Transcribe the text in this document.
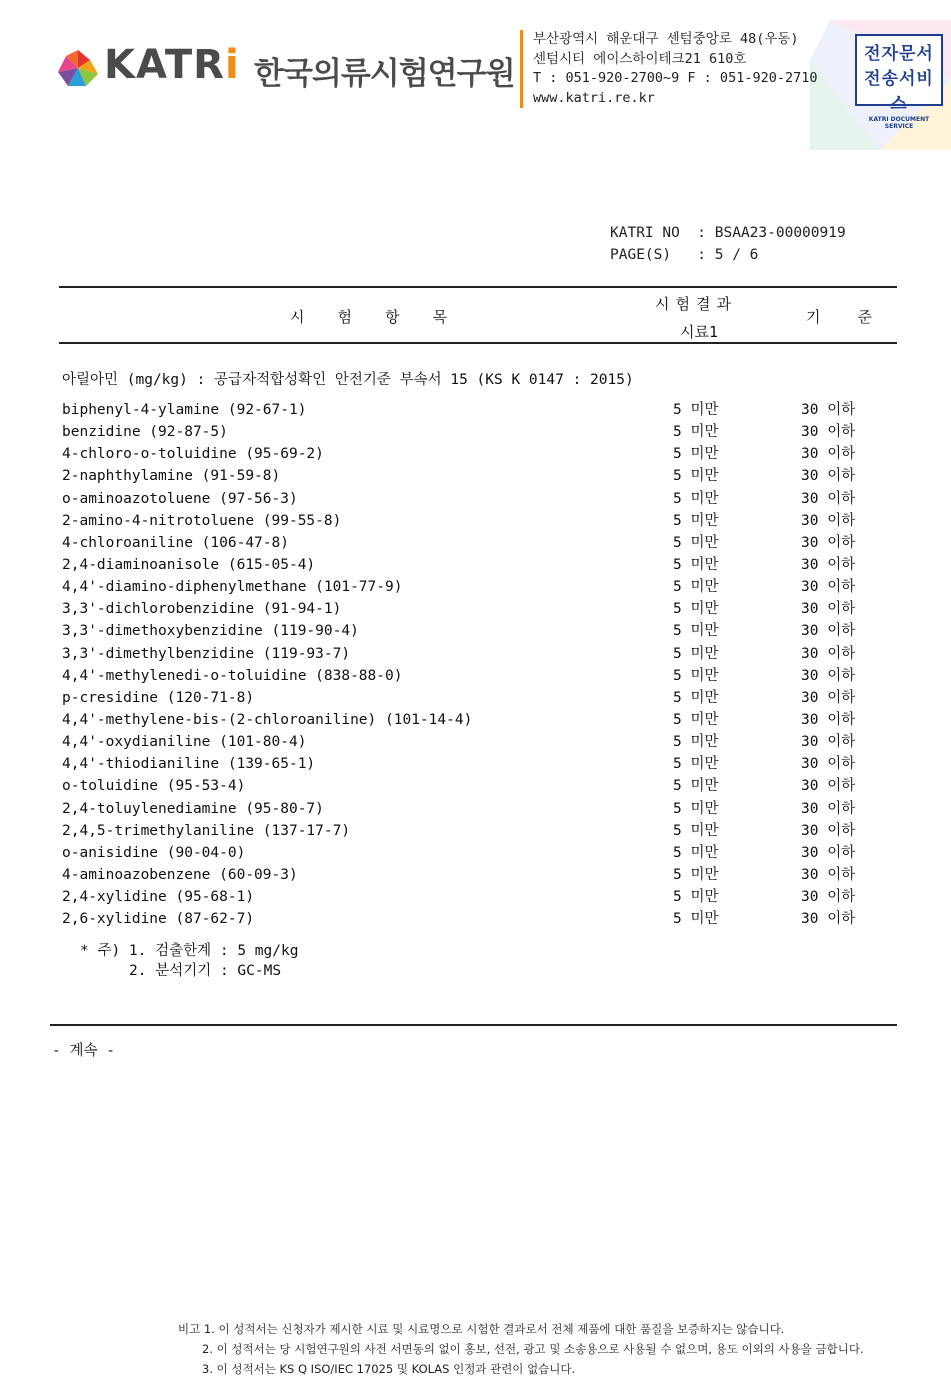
KATRi 한국의류시험연구원
부산광역시 해운대구 센텀중앙로 48(우동)
센텀시티 에이스하이테크21 610호
T : 051-920-2700~9 F : 051-920-2710
www.katri.re.kr
전자문서
전송서비스
KATRI DOCUMENT SERVICE
KATRI NO  : BSAA23-00000919
PAGE(S)   : 5 / 6
시 험 항 목
시험결과
시료1
기 준
아릴아민 (mg/kg) : 공급자적합성확인 안전기준 부속서 15 (KS K 0147 : 2015)
biphenyl-4-ylamine (92-67-1)	5 미만	30 이하
benzidine (92-87-5)	5 미만	30 이하
4-chloro-o-toluidine (95-69-2)	5 미만	30 이하
2-naphthylamine (91-59-8)	5 미만	30 이하
o-aminoazotoluene (97-56-3)	5 미만	30 이하
2-amino-4-nitrotoluene (99-55-8)	5 미만	30 이하
4-chloroaniline (106-47-8)	5 미만	30 이하
2,4-diaminoanisole (615-05-4)	5 미만	30 이하
4,4'-diamino-diphenylmethane (101-77-9)	5 미만	30 이하
3,3'-dichlorobenzidine (91-94-1)	5 미만	30 이하
3,3'-dimethoxybenzidine (119-90-4)	5 미만	30 이하
3,3'-dimethylbenzidine (119-93-7)	5 미만	30 이하
4,4'-methylenedi-o-toluidine (838-88-0)	5 미만	30 이하
p-cresidine (120-71-8)	5 미만	30 이하
4,4'-methylene-bis-(2-chloroaniline) (101-14-4)	5 미만	30 이하
4,4'-oxydianiline (101-80-4)	5 미만	30 이하
4,4'-thiodianiline (139-65-1)	5 미만	30 이하
o-toluidine (95-53-4)	5 미만	30 이하
2,4-toluylenediamine (95-80-7)	5 미만	30 이하
2,4,5-trimethylaniline (137-17-7)	5 미만	30 이하
o-anisidine (90-04-0)	5 미만	30 이하
4-aminoazobenzene (60-09-3)	5 미만	30 이하
2,4-xylidine (95-68-1)	5 미만	30 이하
2,6-xylidine (87-62-7)	5 미만	30 이하
* 주) 1. 검출한계 : 5 mg/kg
2. 분석기기 : GC-MS
- 계속 -
비고 1. 이 성적서는 신청자가 제시한 시료 및 시료명으로 시험한 결과로서 전체 제품에 대한 품질을 보증하지는 않습니다.
2. 이 성적서는 당 시험연구원의 사전 서면동의 없이 홍보, 선전, 광고 및 소송용으로 사용될 수 없으며, 용도 이외의 사용을 금합니다.
3. 이 성적서는 KS Q ISO/IEC 17025 및 KOLAS 인정과 관련이 없습니다.
